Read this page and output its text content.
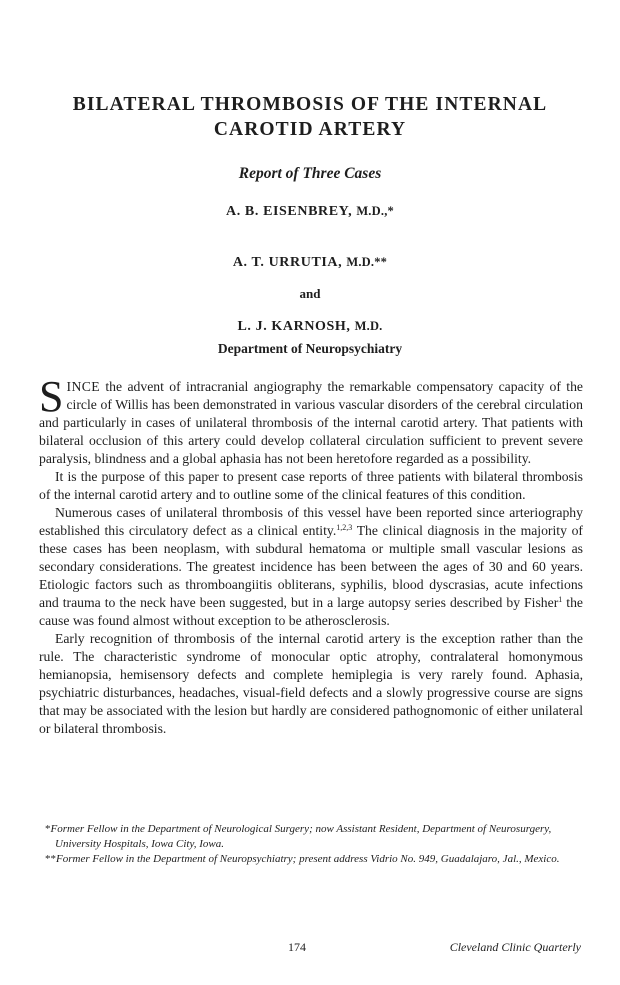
BILATERAL THROMBOSIS OF THE INTERNAL
CAROTID ARTERY

Report of Three Cases

A. B. EISENBREY, M.D.,*

A. T. URRUTIA, M.D.**

and

L. J. KARNOSH, M.D.

Department of Neuropsychiatry

SINCE the advent of intracranial angiography the remarkable compensatory capacity of the circle of Willis has been demonstrated in various vascular disorders of the cerebral circulation and particularly in cases of unilateral thrombosis of the internal carotid artery. That patients with bilateral occlusion of this artery could develop collateral circulation sufficient to prevent severe paralysis, blindness and a global aphasia has not been heretofore regarded as a possibility.

It is the purpose of this paper to present case reports of three patients with bilateral thrombosis of the internal carotid artery and to outline some of the clinical features of this condition.

Numerous cases of unilateral thrombosis of this vessel have been reported since arteriography established this circulatory defect as a clinical entity.$^{1,2,3}$ The clinical diagnosis in the majority of these cases has been neoplasm, with subdural hematoma or multiple small vascular lesions as secondary considerations. The greatest incidence has been between the ages of 30 and 60 years. Etiologic factors such as thromboangiitis obliterans, syphilis, blood dyscrasias, acute infections and trauma to the neck have been suggested, but in a large autopsy series described by Fisher$^1$ the cause was found almost without exception to be atherosclerosis.

Early recognition of thrombosis of the internal carotid artery is the exception rather than the rule. The characteristic syndrome of monocular optic atrophy, contralateral homonymous hemianopsia, hemisensory defects and complete hemiplegia is very rarely found. Aphasia, psychiatric disturbances, headaches, visual-field defects and a slowly progressive course are signs that may be associated with the lesion but hardly are considered pathognomonic of either unilateral or bilateral thrombosis.

*Former Fellow in the Department of Neurological Surgery; now Assistant Resident, Department of Neurosurgery, University Hospitals, Iowa City, Iowa.

**Former Fellow in the Department of Neuropsychiatry; present address Vidrio No. 949, Guadalajaro, Jal., Mexico.

174	Cleveland Clinic Quarterly
